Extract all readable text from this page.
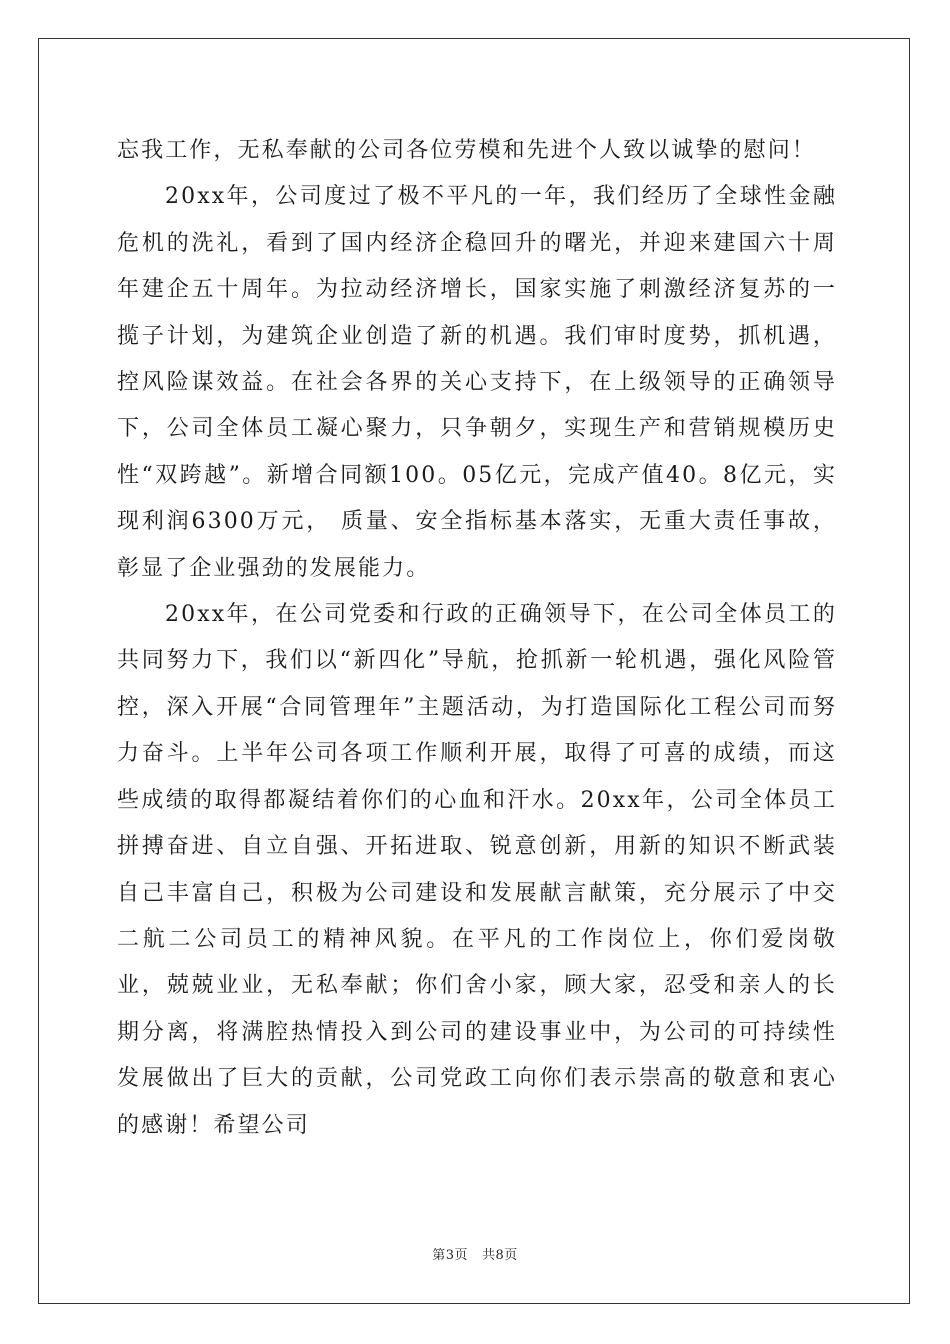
忘我工作，无私奉献的公司各位劳模和先进个人致以诚挚的慰问！

20xx年，公司度过了极不平凡的一年，我们经历了全球性金融危机的洗礼，看到了国内经济企稳回升的曙光，并迎来建国六十周年建企五十周年。为拉动经济增长，国家实施了刺激经济复苏的一揽子计划，为建筑企业创造了新的机遇。我们审时度势，抓机遇，控风险谋效益。在社会各界的关心支持下，在上级领导的正确领导下，公司全体员工凝心聚力，只争朝夕，实现生产和营销规模历史性“双跨越”。新增合同额100。05亿元，完成产值40。8亿元，实现利润6300万元， 质量、安全指标基本落实，无重大责任事故，彰显了企业强劲的发展能力。

20xx年，在公司党委和行政的正确领导下，在公司全体员工的共同努力下，我们以“新四化”导航，抢抓新一轮机遇，强化风险管控，深入开展“合同管理年”主题活动，为打造国际化工程公司而努力奋斗。上半年公司各项工作顺利开展，取得了可喜的成绩，而这些成绩的取得都凝结着你们的心血和汗水。20xx年，公司全体员工拼搏奋进、自立自强、开拓进取、锐意创新，用新的知识不断武装自己丰富自己，积极为公司建设和发展献言献策，充分展示了中交二航二公司员工的精神风貌。在平凡的工作岗位上，你们爱岗敬业，兢兢业业，无私奉献；你们舍小家，顾大家，忍受和亲人的长期分离，将满腔热情投入到公司的建设事业中，为公司的可持续性发展做出了巨大的贡献，公司党政工向你们表示崇高的敬意和衷心的感谢！希望公司

第3页 共8页
